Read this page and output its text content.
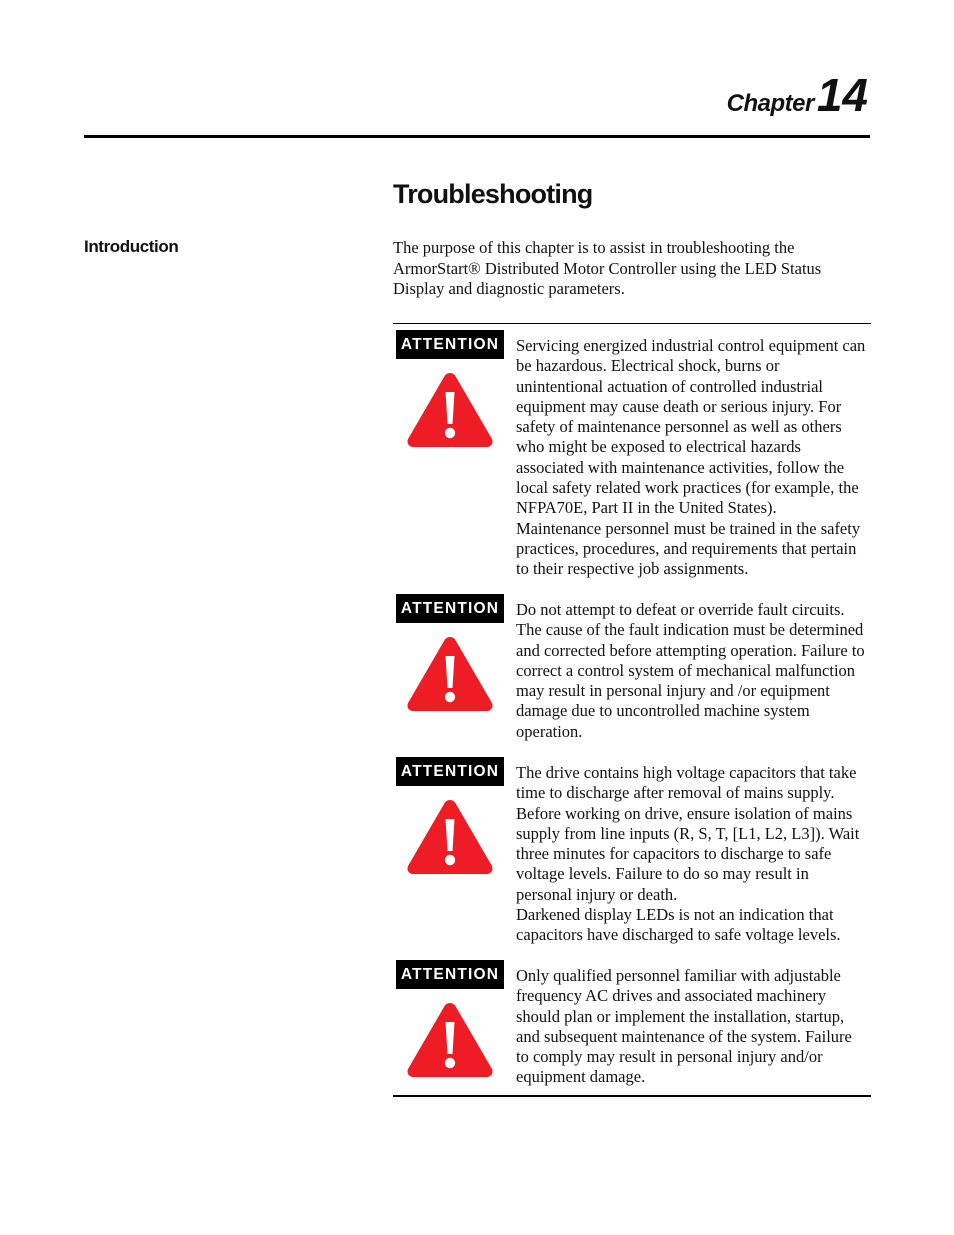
Chapter 14
Troubleshooting
Introduction	The purpose of this chapter is to assist in troubleshooting the ArmorStart® Distributed Motor Controller using the LED Status Display and diagnostic parameters.

ATTENTION Servicing energized industrial control equipment can be hazardous. Electrical shock, burns or unintentional actuation of controlled industrial equipment may cause death or serious injury. For safety of maintenance personnel as well as others who might be exposed to electrical hazards associated with maintenance activities, follow the local safety related work practices (for example, the NFPA70E, Part II in the United States).
Maintenance personnel must be trained in the safety practices, procedures, and requirements that pertain to their respective job assignments.
ATTENTION Do not attempt to defeat or override fault circuits. The cause of the fault indication must be determined and corrected before attempting operation. Failure to correct a control system of mechanical malfunction may result in personal injury and /or equipment damage due to uncontrolled machine system operation.
ATTENTION The drive contains high voltage capacitors that take time to discharge after removal of mains supply. Before working on drive, ensure isolation of mains supply from line inputs (R, S, T, [L1, L2, L3]). Wait three minutes for capacitors to discharge to safe voltage levels. Failure to do so may result in personal injury or death.
Darkened display LEDs is not an indication that capacitors have discharged to safe voltage levels.
ATTENTION Only qualified personnel familiar with adjustable frequency AC drives and associated machinery should plan or implement the installation, startup, and subsequent maintenance of the system. Failure to comply may result in personal injury and/or equipment damage.
